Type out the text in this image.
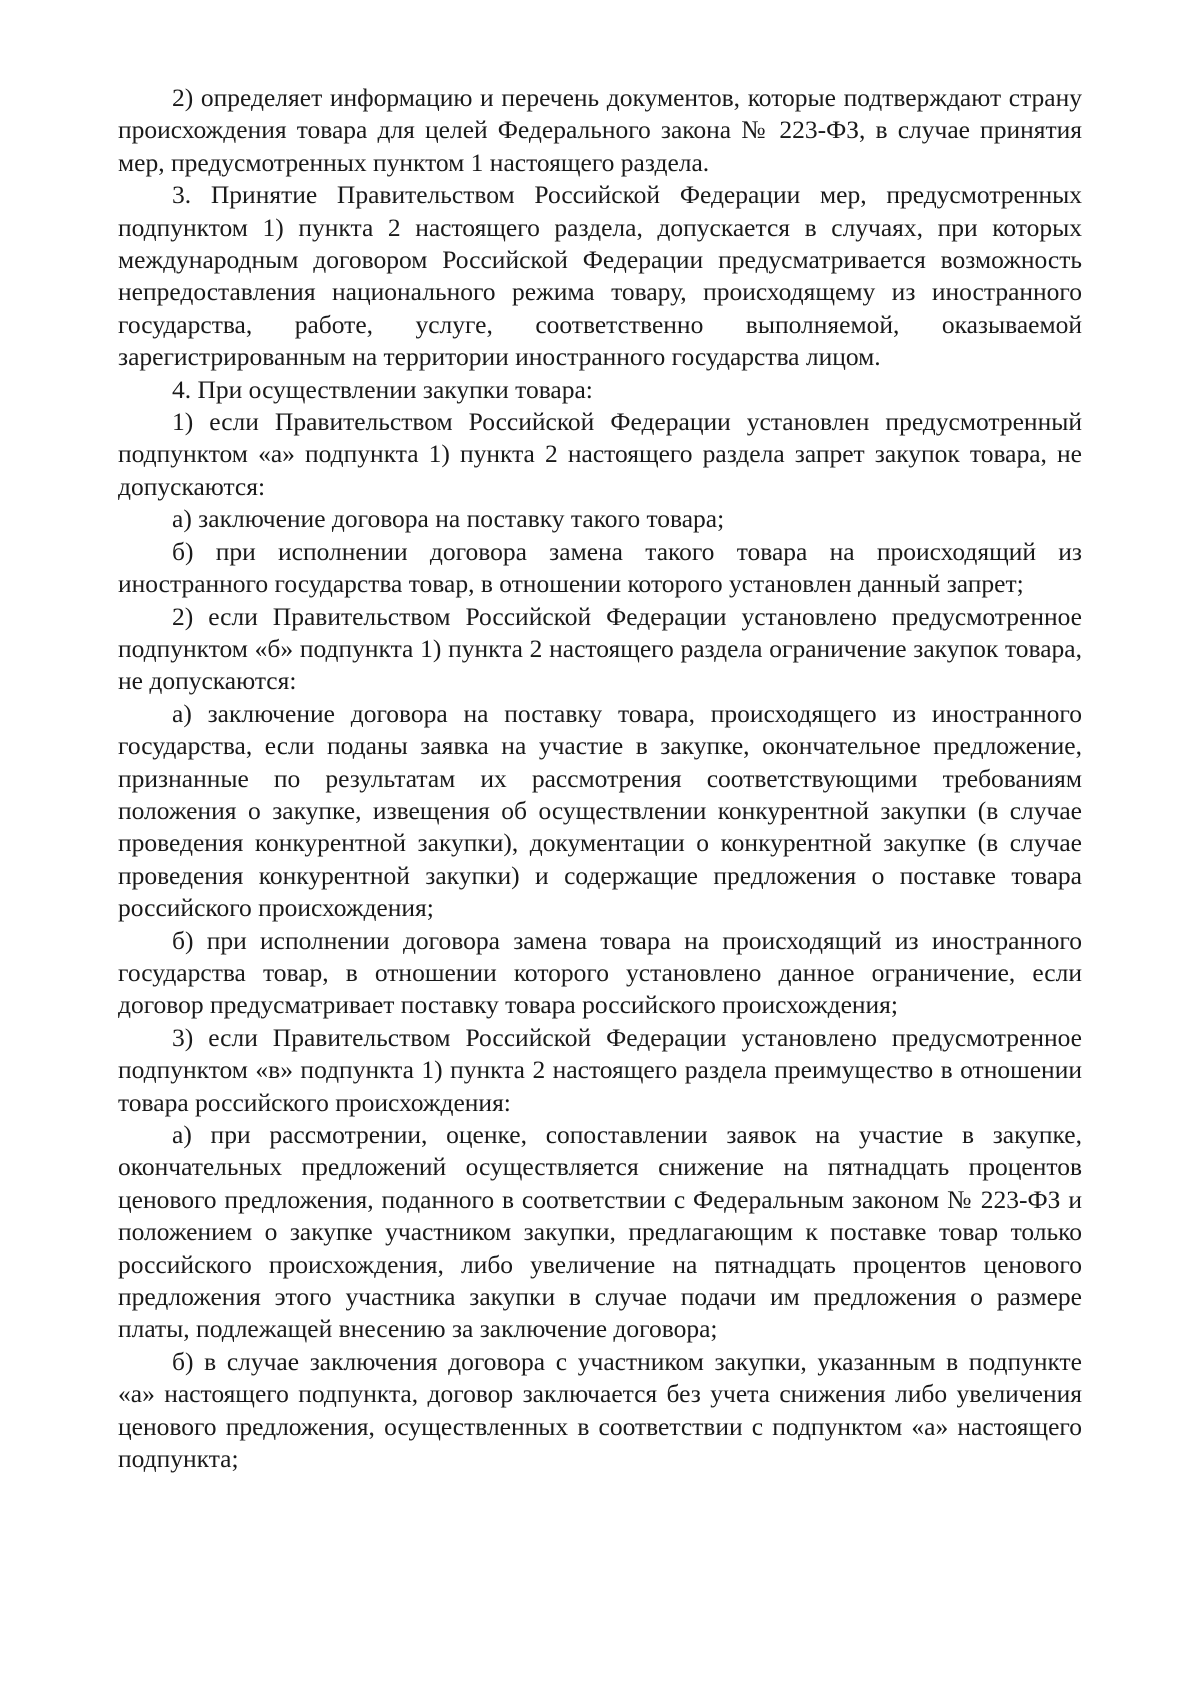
2) определяет информацию и перечень документов, которые подтверждают страну происхождения товара для целей Федерального закона № 223-ФЗ, в случае принятия мер, предусмотренных пунктом 1 настоящего раздела.

3. Принятие Правительством Российской Федерации мер, предусмотренных подпунктом 1) пункта 2 настоящего раздела, допускается в случаях, при которых международным договором Российской Федерации предусматривается возможность непредоставления национального режима товару, происходящему из иностранного государства, работе, услуге, соответственно выполняемой, оказываемой зарегистрированным на территории иностранного государства лицом.

4. При осуществлении закупки товара:

1) если Правительством Российской Федерации установлен предусмотренный подпунктом «а» подпункта 1) пункта 2 настоящего раздела запрет закупок товара, не допускаются:

а) заключение договора на поставку такого товара;

б) при исполнении договора замена такого товара на происходящий из иностранного государства товар, в отношении которого установлен данный запрет;

2) если Правительством Российской Федерации установлено предусмотренное подпунктом «б» подпункта 1) пункта 2 настоящего раздела ограничение закупок товара, не допускаются:

а) заключение договора на поставку товара, происходящего из иностранного государства, если поданы заявка на участие в закупке, окончательное предложение, признанные по результатам их рассмотрения соответствующими требованиям положения о закупке, извещения об осуществлении конкурентной закупки (в случае проведения конкурентной закупки), документации о конкурентной закупке (в случае проведения конкурентной закупки) и содержащие предложения о поставке товара российского происхождения;

б) при исполнении договора замена товара на происходящий из иностранного государства товар, в отношении которого установлено данное ограничение, если договор предусматривает поставку товара российского происхождения;

3) если Правительством Российской Федерации установлено предусмотренное подпунктом «в» подпункта 1) пункта 2 настоящего раздела преимущество в отношении товара российского происхождения:

а) при рассмотрении, оценке, сопоставлении заявок на участие в закупке, окончательных предложений осуществляется снижение на пятнадцать процентов ценового предложения, поданного в соответствии с Федеральным законом № 223-ФЗ и положением о закупке участником закупки, предлагающим к поставке товар только российского происхождения, либо увеличение на пятнадцать процентов ценового предложения этого участника закупки в случае подачи им предложения о размере платы, подлежащей внесению за заключение договора;

б) в случае заключения договора с участником закупки, указанным в подпункте «а» настоящего подпункта, договор заключается без учета снижения либо увеличения ценового предложения, осуществленных в соответствии с подпунктом «а» настоящего подпункта;
